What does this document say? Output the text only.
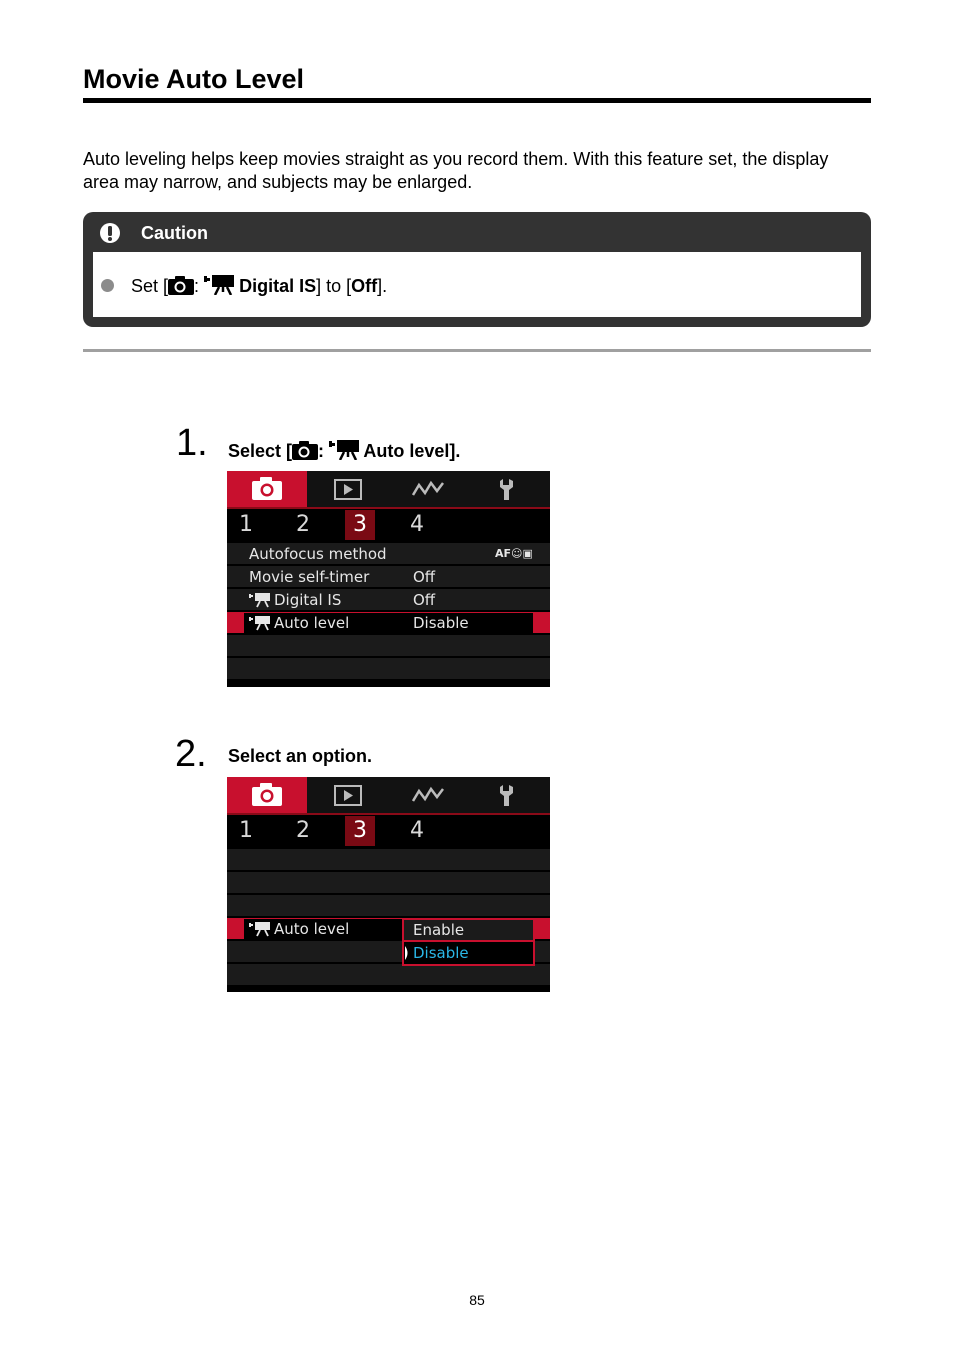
Movie Auto Level
Auto leveling helps keep movies straight as you record them. With this feature set, the display area may narrow, and subjects may be enlarged.
Caution
Set [ : Digital IS] to [Off].
1. Select [ : Auto level].
1	2	3	4
Autofocus method	AF☺▣
Movie self-timer	Off
Digital IS	Off
Auto level	Disable
2. Select an option.
1	2	3	4
Auto level	Enable
Disable
85
